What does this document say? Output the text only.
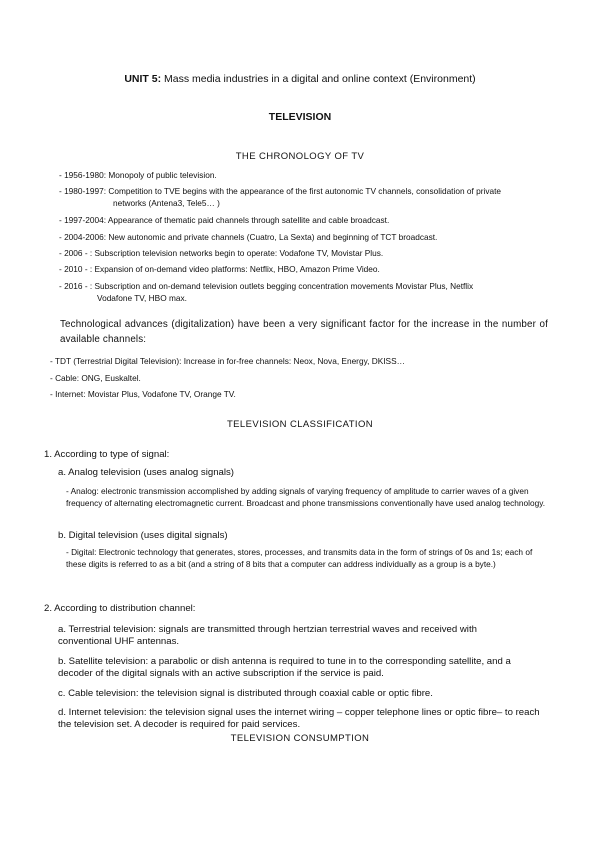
UNIT 5: Mass media industries in a digital and online context (Environment)
TELEVISION
THE CHRONOLOGY OF TV
- 1956-1980: Monopoly of public television.
- 1980-1997: Competition to TVE begins with the appearance of the first autonomic TV channels, consolidation of private
networks (Antena3, Tele5… )
- 1997-2004: Appearance of thematic paid channels through satellite and cable broadcast.
- 2004-2006: New autonomic and private channels (Cuatro, La Sexta) and beginning of TCT broadcast.
- 2006 - : Subscription television networks begin to operate: Vodafone TV, Movistar Plus.
- 2010 - : Expansion of on-demand video platforms: Netflix, HBO, Amazon Prime Video.
- 2016 - : Subscription and on-demand television outlets begging concentration movements Movistar Plus, Netflix
Vodafone TV, HBO max.
Technological advances (digitalization) have been a very significant factor for the increase in the number of available channels:
- TDT (Terrestrial Digital Television): Increase in for-free channels: Neox, Nova, Energy, DKISS…
- Cable: ONG, Euskaltel.
- Internet: Movistar Plus, Vodafone TV, Orange TV.
TELEVISION CLASSIFICATION
1. According to type of signal:
a. Analog television (uses analog signals)
- Analog: electronic transmission accomplished by adding signals of varying frequency of amplitude to carrier waves of a given frequency of alternating electromagnetic current. Broadcast and phone transmissions conventionally have used analog technology.
b. Digital television (uses digital signals)
- Digital: Electronic technology that generates, stores, processes, and transmits data in the form of strings of 0s and 1s; each of these digits is referred to as a bit (and a string of 8 bits that a computer can address individually as a group is a byte.)
2. According to distribution channel:
a. Terrestrial television: signals are transmitted through hertzian terrestrial waves and received with conventional UHF antennas.
b. Satellite television: a parabolic or dish antenna is required to tune in to the corresponding satellite, and a decoder of the digital signals with an active subscription if the service is paid.
c. Cable television: the television signal is distributed through coaxial cable or optic fibre.
d. Internet television: the television signal uses the internet wiring – copper telephone lines or optic fibre– to reach the television set. A decoder is required for paid services.
TELEVISION CONSUMPTION
